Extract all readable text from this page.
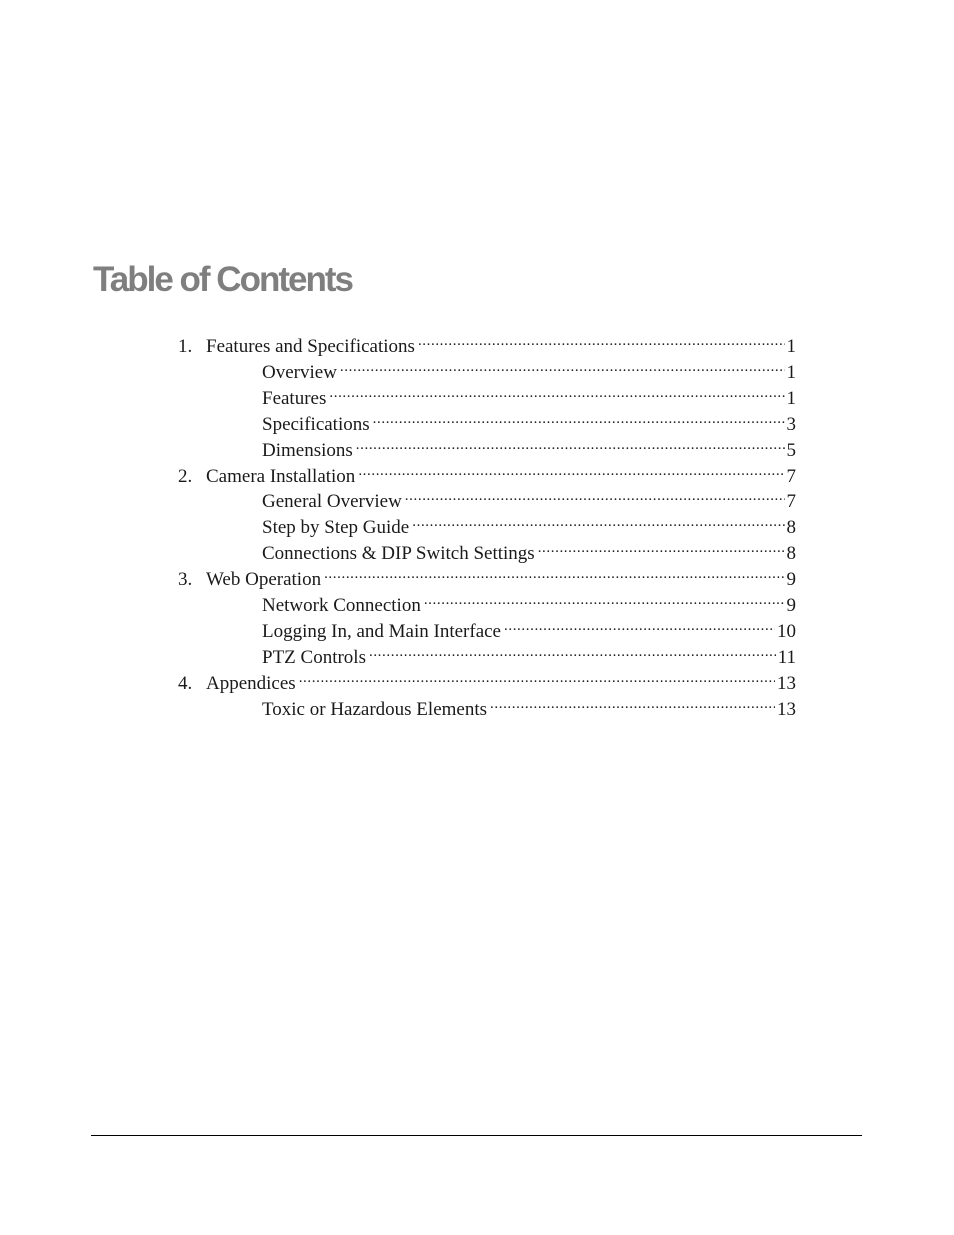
Table of Contents
1. Features and Specifications .....	1
Overview .....	1
Features .....	1
Specifications .....	3
Dimensions .....	5
2. Camera Installation .....	7
General Overview .....	7
Step by Step Guide .....	8
Connections & DIP Switch Settings .....	8
3. Web Operation .....	9
Network Connection .....	9
Logging In, and Main Interface .....	10
PTZ Controls .....	11
4. Appendices .....	13
Toxic or Hazardous Elements .....	13
